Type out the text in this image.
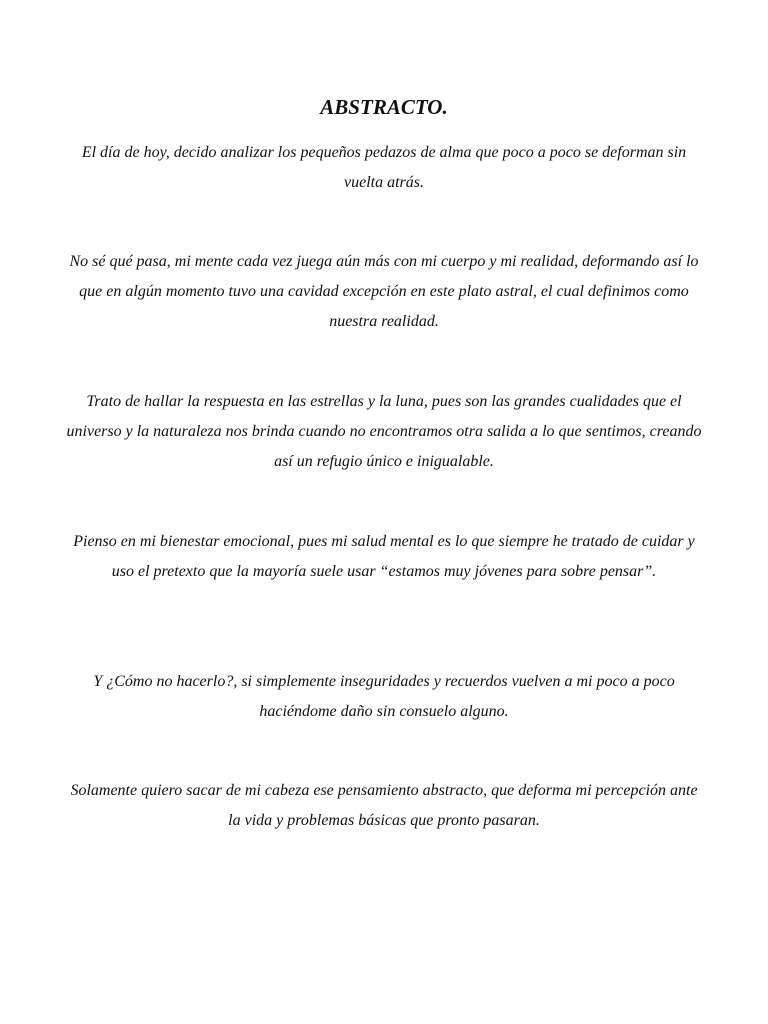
ABSTRACTO.

El día de hoy, decido analizar los pequeños pedazos de alma que poco a poco se deforman sin vuelta atrás.

No sé qué pasa, mi mente cada vez juega aún más con mi cuerpo y mi realidad, deformando así lo que en algún momento tuvo una cavidad excepción en este plato astral, el cual definimos como nuestra realidad.

Trato de hallar la respuesta en las estrellas y la luna, pues son las grandes cualidades que el universo y la naturaleza nos brinda cuando no encontramos otra salida a lo que sentimos, creando así un refugio único e inigualable.

Pienso en mi bienestar emocional, pues mi salud mental es lo que siempre he tratado de cuidar y uso el pretexto que la mayoría suele usar “estamos muy jóvenes para sobre pensar”.

Y ¿Cómo no hacerlo?, si simplemente inseguridades y recuerdos vuelven a mi poco a poco haciéndome daño sin consuelo alguno.

Solamente quiero sacar de mi cabeza ese pensamiento abstracto, que deforma mi percepción ante la vida y problemas básicas que pronto pasaran.
